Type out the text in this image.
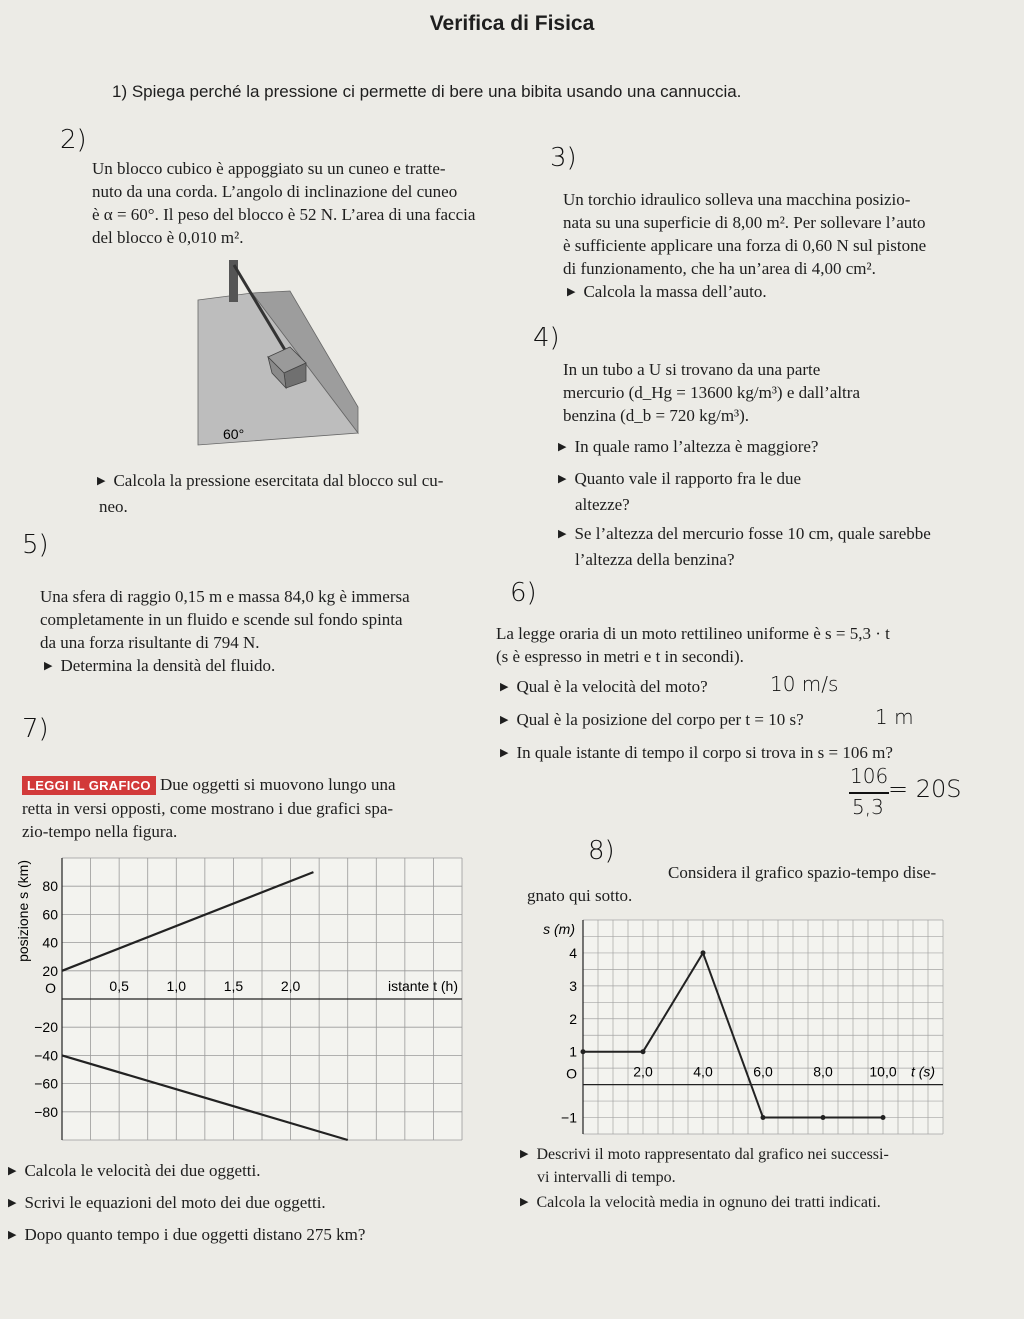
Verifica di Fisica
1) Spiega perché la pressione ci permette di bere una bibita usando una cannuccia.
2)
Un blocco cubico è appoggiato su un cuneo e tratte-
nuto da una corda. L’angolo di inclinazione del cuneo
è α = 60°. Il peso del blocco è 52 N. L’area di una faccia
del blocco è 0,010 m².
60°
▶ Calcola la pressione esercitata dal blocco sul cu-
neo.
3)
Un torchio idraulico solleva una macchina posizio-
nata su una superficie di 8,00 m². Per sollevare l’auto
è sufficiente applicare una forza di 0,60 N sul pistone
di funzionamento, che ha un’area di 4,00 cm².
▶ Calcola la massa dell’auto.
4)
In un tubo a U si trovano da una parte
mercurio (d_Hg = 13600 kg/m³) e dall’altra
benzina (d_b = 720 kg/m³).
▶ In quale ramo l’altezza è maggiore?
▶ Quanto vale il rapporto fra le due
altezze?
▶ Se l’altezza del mercurio fosse 10 cm, quale sarebbe
l’altezza della benzina?
5)
Una sfera di raggio 0,15 m e massa 84,0 kg è immersa
completamente in un fluido e scende sul fondo spinta
da una forza risultante di 794 N.
▶ Determina la densità del fluido.
6)
La legge oraria di un moto rettilineo uniforme è s = 5,3 · t
(s è espresso in metri e t in secondi).
▶ Qual è la velocità del moto?
▶ Qual è la posizione del corpo per t = 10 s?
▶ In quale istante di tempo il corpo si trova in s = 106 m?
10 m/s
1 m
106
5,3
= 20S
7)
LEGGI IL GRAFICO Due oggetti si muovono lungo una
retta in versi opposti, come mostrano i due grafici spa-
zio-tempo nella figura.
80
60
40
20
−20
−40
−60
−80
0,5	1,0	1,5	2,0
O	istante t (h)
posizione s (km)	4
3
2
1
−1
2,0	4,0	6,0	8,0	10,0
O	t (s)
s (m)
8)
Considera il grafico spazio-tempo dise-
gnato qui sotto.
▶ Calcola le velocità dei due oggetti.
▶ Scrivi le equazioni del moto dei due oggetti.
▶ Dopo quanto tempo i due oggetti distano 275 km?
▶ Descrivi il moto rappresentato dal grafico nei successi-
vi intervalli di tempo.
▶ Calcola la velocità media in ognuno dei tratti indicati.
